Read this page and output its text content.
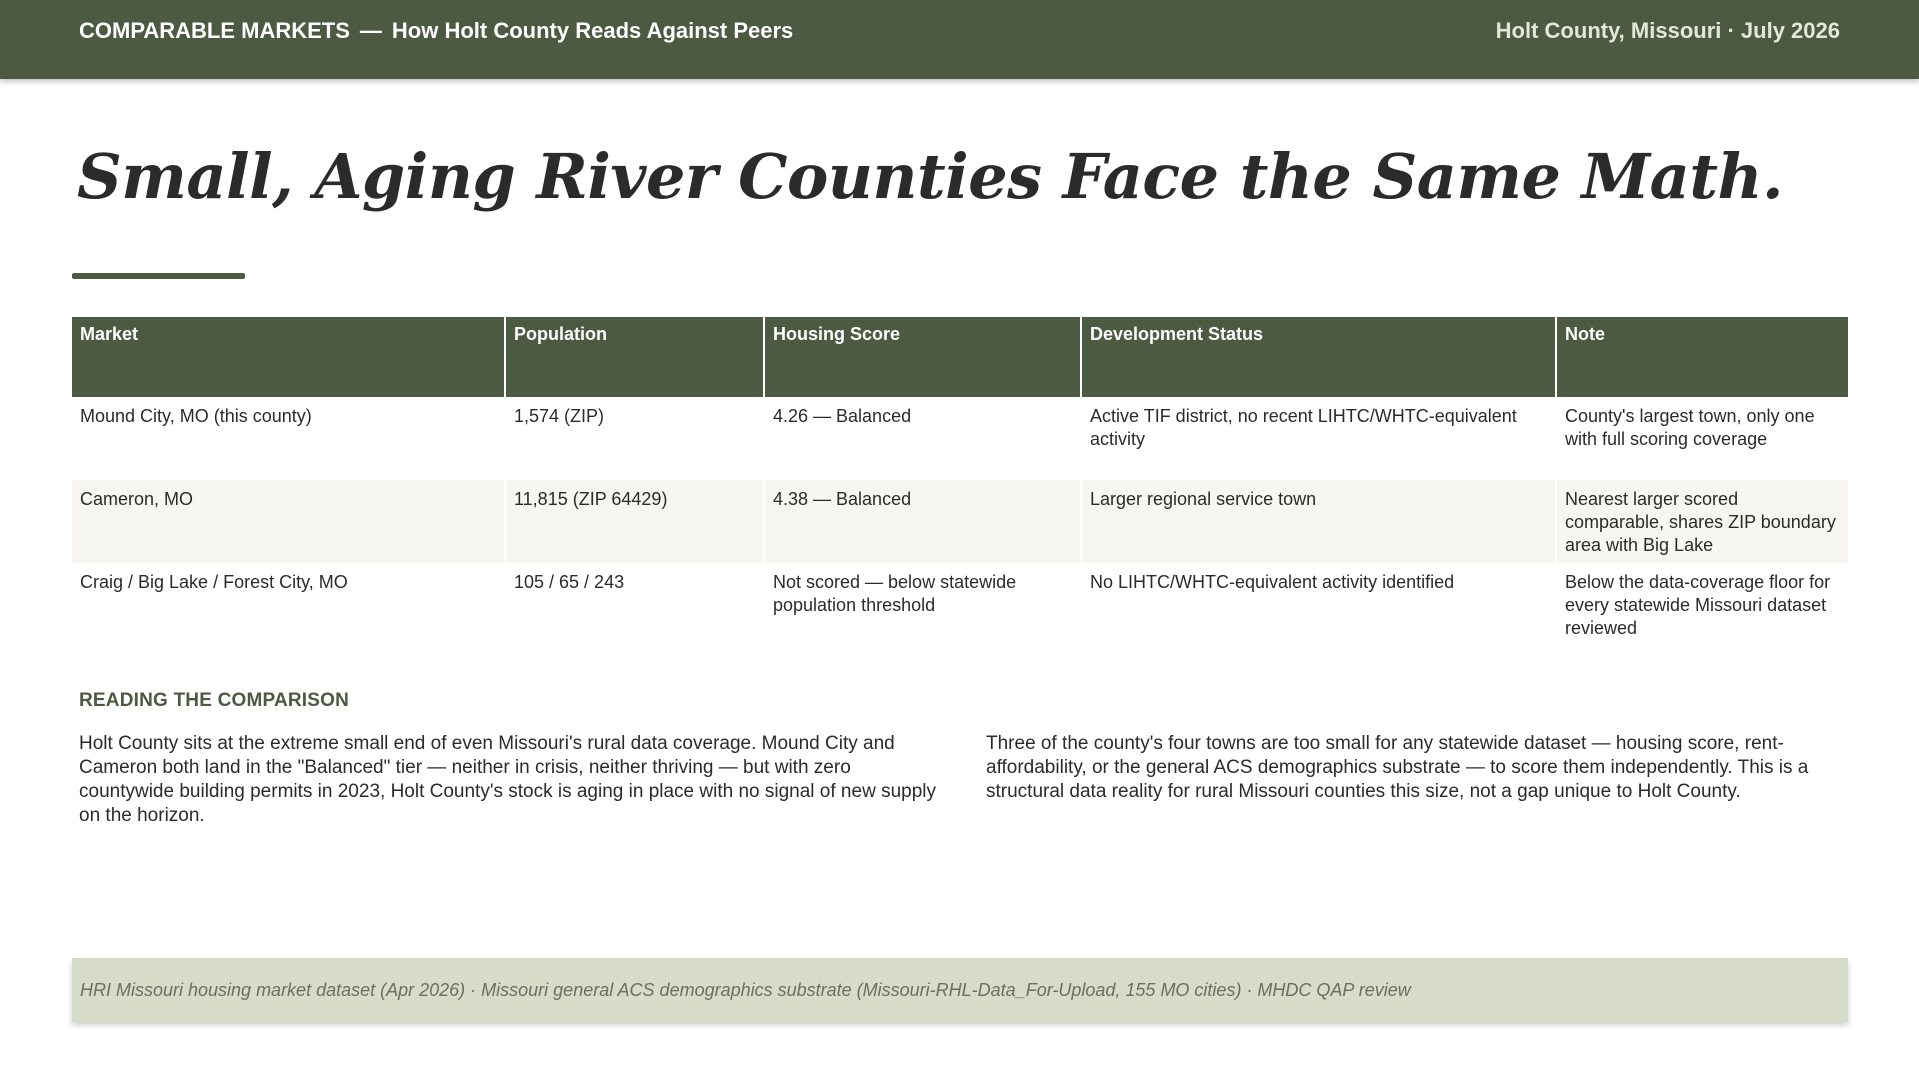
COMPARABLE MARKETS — How Holt County Reads Against Peers	Holt County, Missouri · July 2026
Small, Aging River Counties Face the Same Math.
Market	Population	Housing Score	Development Status	Note
Mound City, MO (this county)	1,574 (ZIP)	4.26 — Balanced	Active TIF district, no recent LIHTC/WHTC-equivalent activity	County's largest town, only one with full scoring coverage
Cameron, MO	11,815 (ZIP 64429)	4.38 — Balanced	Larger regional service town	Nearest larger scored comparable, shares ZIP boundary area with Big Lake
Craig / Big Lake / Forest City, MO	105 / 65 / 243	Not scored — below statewide population threshold	No LIHTC/WHTC-equivalent activity identified	Below the data-coverage floor for every statewide Missouri dataset reviewed
READING THE COMPARISON

Holt County sits at the extreme small end of even Missouri's rural data coverage. Mound City and Cameron both land in the "Balanced" tier — neither in crisis, neither thriving — but with zero countywide building permits in 2023, Holt County's stock is aging in place with no signal of new supply on the horizon.

Three of the county's four towns are too small for any statewide dataset — housing score, rent-affordability, or the general ACS demographics substrate — to score them independently. This is a structural data reality for rural Missouri counties this size, not a gap unique to Holt County.

HRI Missouri housing market dataset (Apr 2026) · Missouri general ACS demographics substrate (Missouri-RHL-Data_For-Upload, 155 MO cities) · MHDC QAP review
